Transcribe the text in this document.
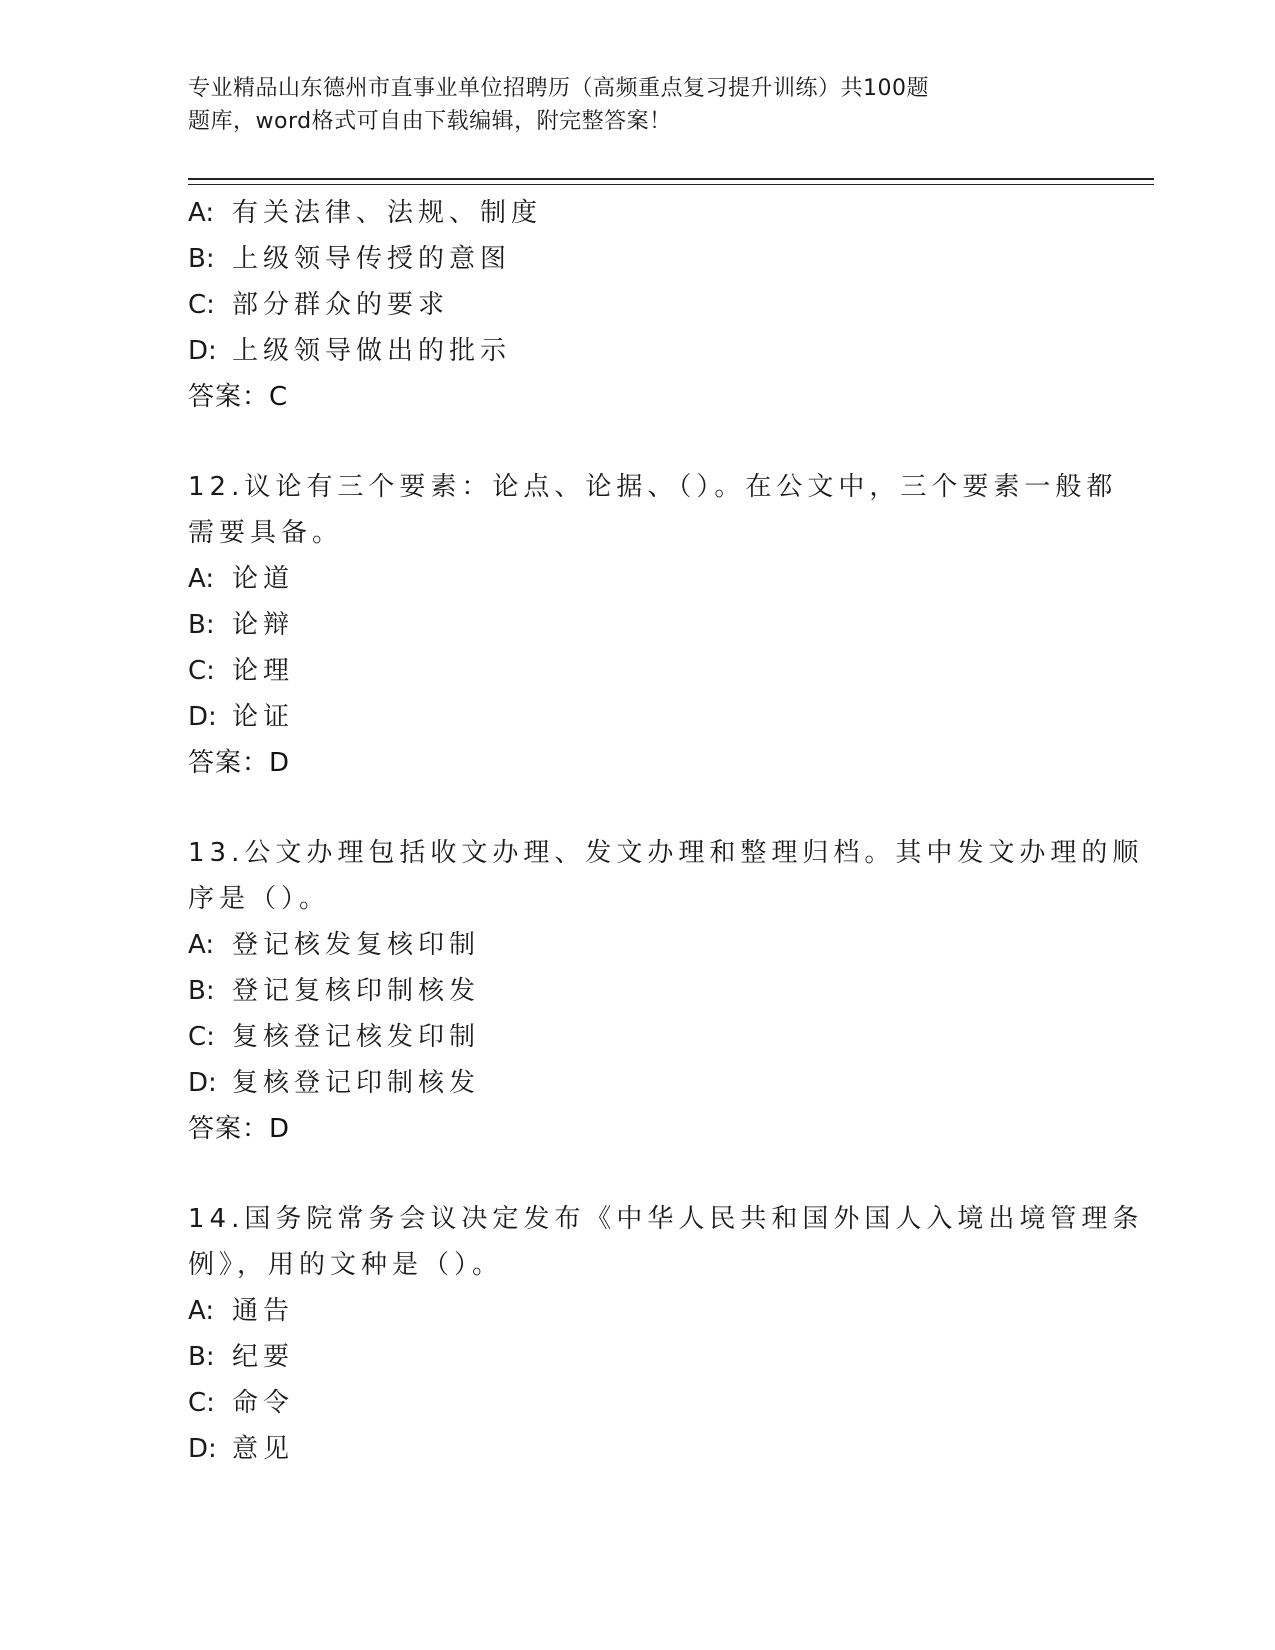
专业精品山东德州市直事业单位招聘历（高频重点复习提升训练）共100题
题库，word格式可自由下载编辑，附完整答案！
A: 有关法律、法规、制度
B: 上级领导传授的意图
C: 部分群众的要求
D: 上级领导做出的批示
答案：C
12.议论有三个要素：论点、论据、（）。在公文中，三个要素一般都
需要具备。
A: 论道
B: 论辩
C: 论理
D: 论证
答案：D
13.公文办理包括收文办理、发文办理和整理归档。其中发文办理的顺
序是（）。
A: 登记核发复核印制
B: 登记复核印制核发
C: 复核登记核发印制
D: 复核登记印制核发
答案：D
14.国务院常务会议决定发布《中华人民共和国外国人入境出境管理条
例》，用的文种是（）。
A: 通告
B: 纪要
C: 命令
D: 意见
